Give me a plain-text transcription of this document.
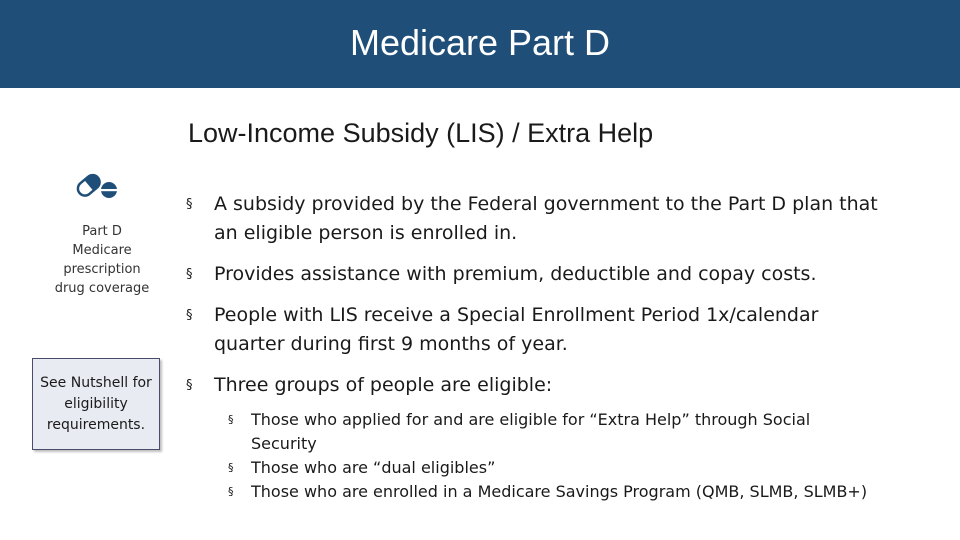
Medicare Part D
Low-Income Subsidy (LIS) / Extra Help
Part D
Medicare
prescription
drug coverage
See Nutshell for eligibility requirements.
§ A subsidy provided by the Federal government to the Part D plan that an eligible person is enrolled in.
§ Provides assistance with premium, deductible and copay costs.
§ People with LIS receive a Special Enrollment Period 1x/calendar quarter during first 9 months of year.
§ Three groups of people are eligible:
§ Those who applied for and are eligible for “Extra Help” through Social Security
§ Those who are “dual eligibles”
§ Those who are enrolled in a Medicare Savings Program (QMB, SLMB, SLMB+)
